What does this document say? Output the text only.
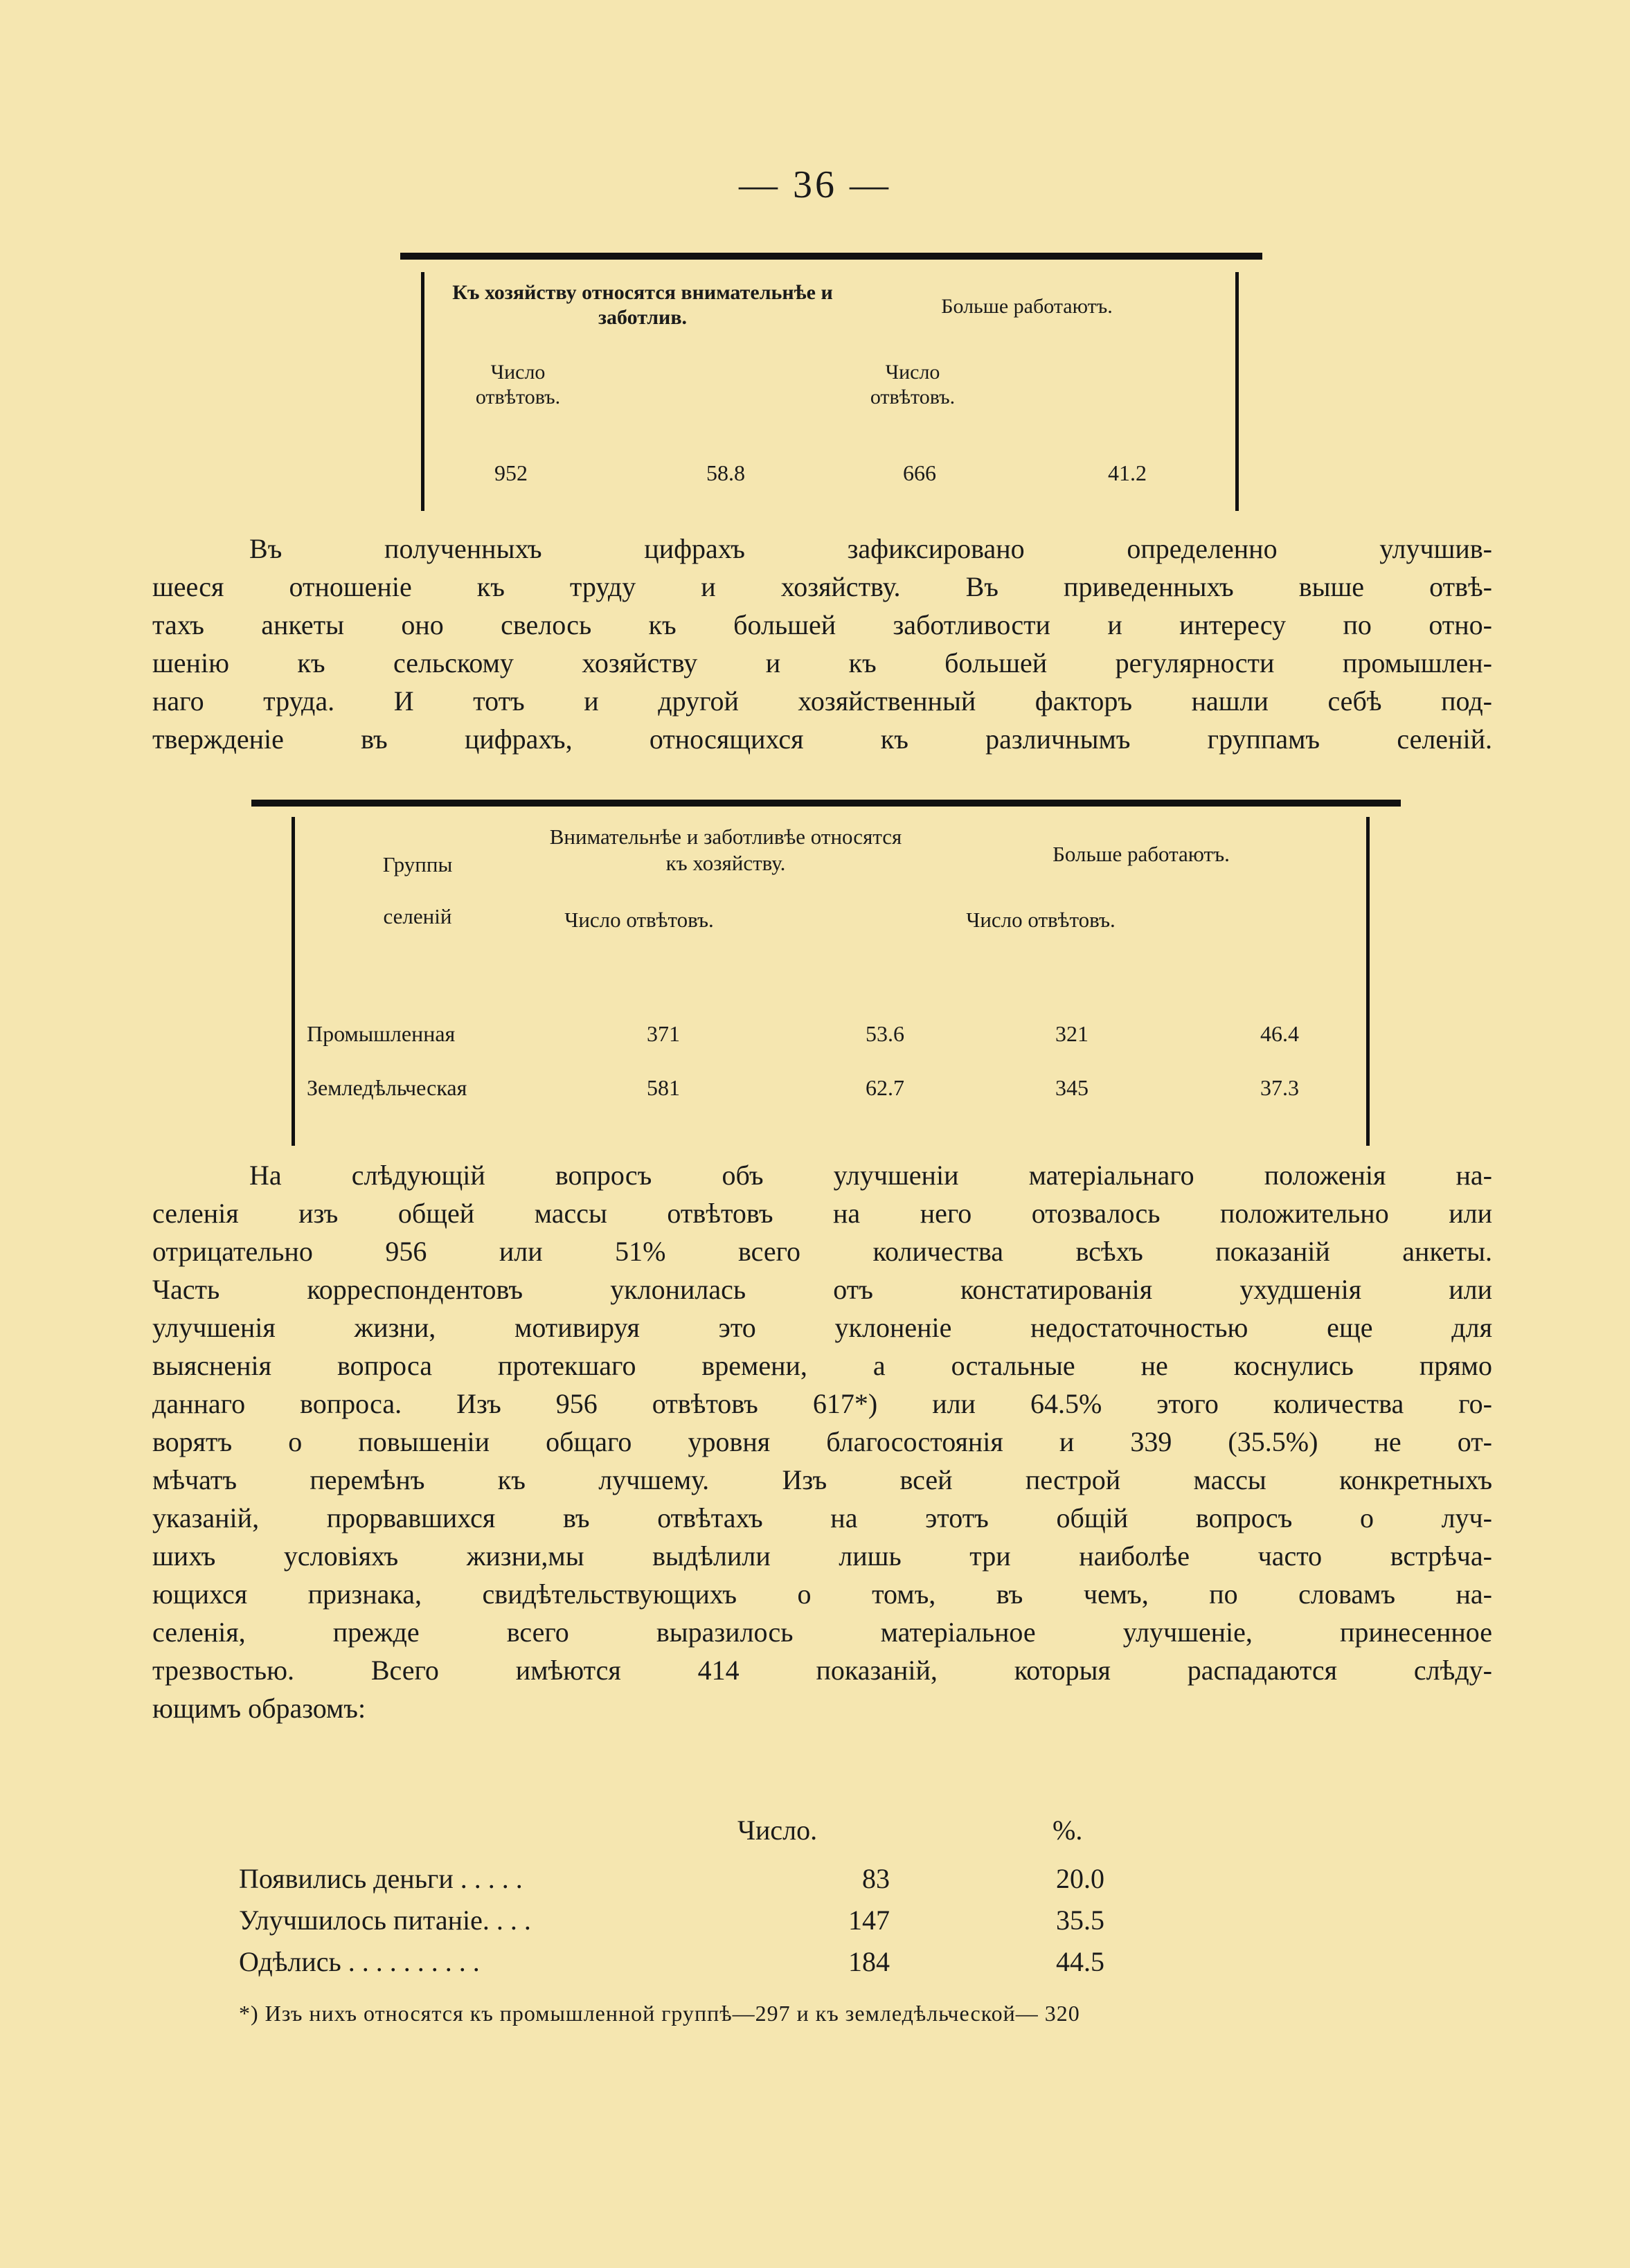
— 36 —
Къ хозяйству относятся внимательнѣе и заботлив.	Больше работаютъ.
Число отвѣтовъ.
Число отвѣтовъ.
952	58.8	666	41.2
Въ полученныхъ цифрахъ зафиксировано определенно улучшив-
шееся отношеніе къ труду и хозяйству. Въ приведенныхъ выше отвѣ-
тахъ анкеты оно свелось къ большей заботливости и интересу по отно-
шенію къ сельскому хозяйству и къ большей регулярности промышлен-
наго труда. И тотъ и другой хозяйственный факторъ нашли себѣ под-
твержденіе въ цифрахъ, относящихся къ различнымъ группамъ селеній.
Группы
селеній
Внимательнѣе и заботливѣе относятся къ хозяйству.	Больше работаютъ.
Число отвѣтовъ.	Число отвѣтовъ.
Промышленная	371	53.6	321	46.4
Земледѣльческая	581	62.7	345	37.3
На слѣдующій вопросъ объ улучшеніи матеріальнаго положенія на-
селенія изъ общей массы отвѣтовъ на него отозвалось положительно или
отрицательно 956 или 51% всего количества всѣхъ показаній анкеты.
Часть корреспондентовъ уклонилась отъ констатированія ухудшенія или
улучшенія жизни, мотивируя это уклоненіе недостаточностью еще для
выясненія вопроса протекшаго времени, а остальные не коснулись прямо
даннаго вопроса. Изъ 956 отвѣтовъ 617*) или 64.5% этого количества го-
ворятъ о повышеніи общаго уровня благосостоянія и 339 (35.5%) не от-
мѣчатъ перемѣнъ къ лучшему. Изъ всей пестрой массы конкретныхъ
указаній, прорвавшихся въ отвѣтахъ на этотъ общій вопросъ о луч-
шихъ условіяхъ жизни,мы выдѣлили лишь три наиболѣе часто встрѣча-
ющихся признака, свидѣтельствующихъ о томъ, въ чемъ, по словамъ на-
селенія, прежде всего выразилось матеріальное улучшеніе, принесенное
трезвостью. Всего имѣются 414 показаній, которыя распадаются слѣду-
ющимъ образомъ:
Число.	%.
Появились деньги . . . . .	83	20.0
Улучшилось питаніе. . . .	147	35.5
Одѣлись . . . . . . . . . .	184	44.5
*) Изъ нихъ относятся къ промышленной группѣ—297 и къ земледѣльческой— 320
